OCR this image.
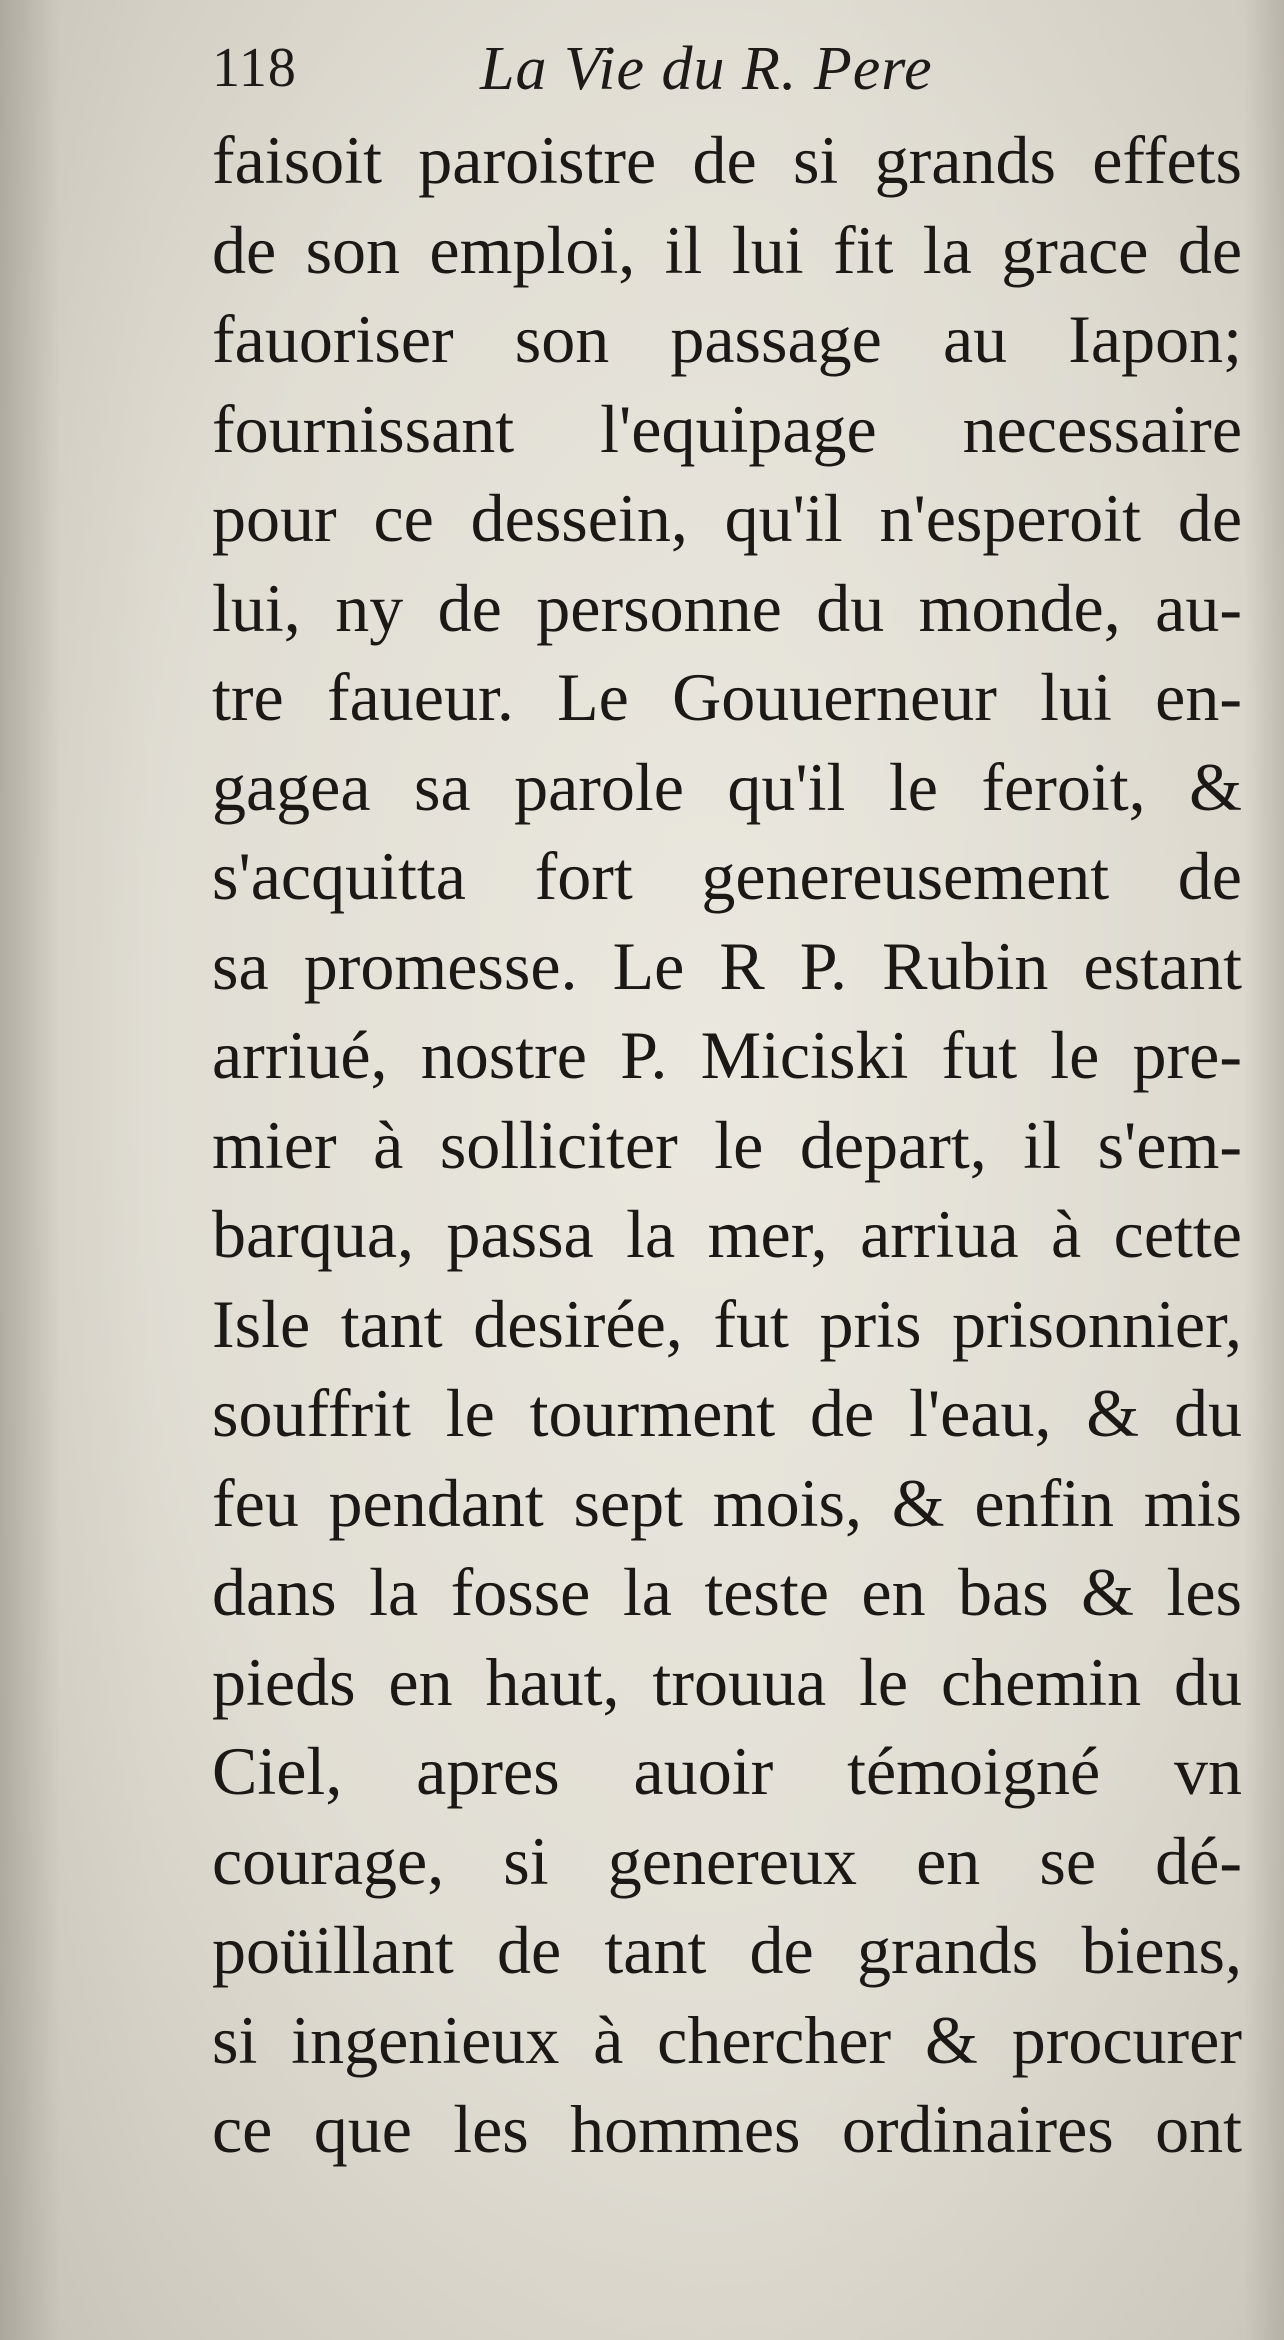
118	La Vie du R. Pere
faisoit paroistre de si grands effets
de son emploi, il lui fit la grace de
fauoriser son passage au Iapon;
fournissant l'equipage necessaire
pour ce dessein, qu'il n'esperoit de
lui, ny de personne du monde, au-
tre faueur. Le Gouuerneur lui en-
gagea sa parole qu'il le feroit, &
s'acquitta fort genereusement de
sa promesse. Le R P. Rubin estant
arriué, nostre P. Miciski fut le pre-
mier à solliciter le depart, il s'em-
barqua, passa la mer, arriua à cette
Isle tant desirée, fut pris prisonnier,
souffrit le tourment de l'eau, & du
feu pendant sept mois, & enfin mis
dans la fosse la teste en bas & les
pieds en haut, trouua le chemin du
Ciel, apres auoir témoigné vn
courage, si genereux en se dé-
poüillant de tant de grands biens,
si ingenieux à chercher & procurer
ce que les hommes ordinaires ont
